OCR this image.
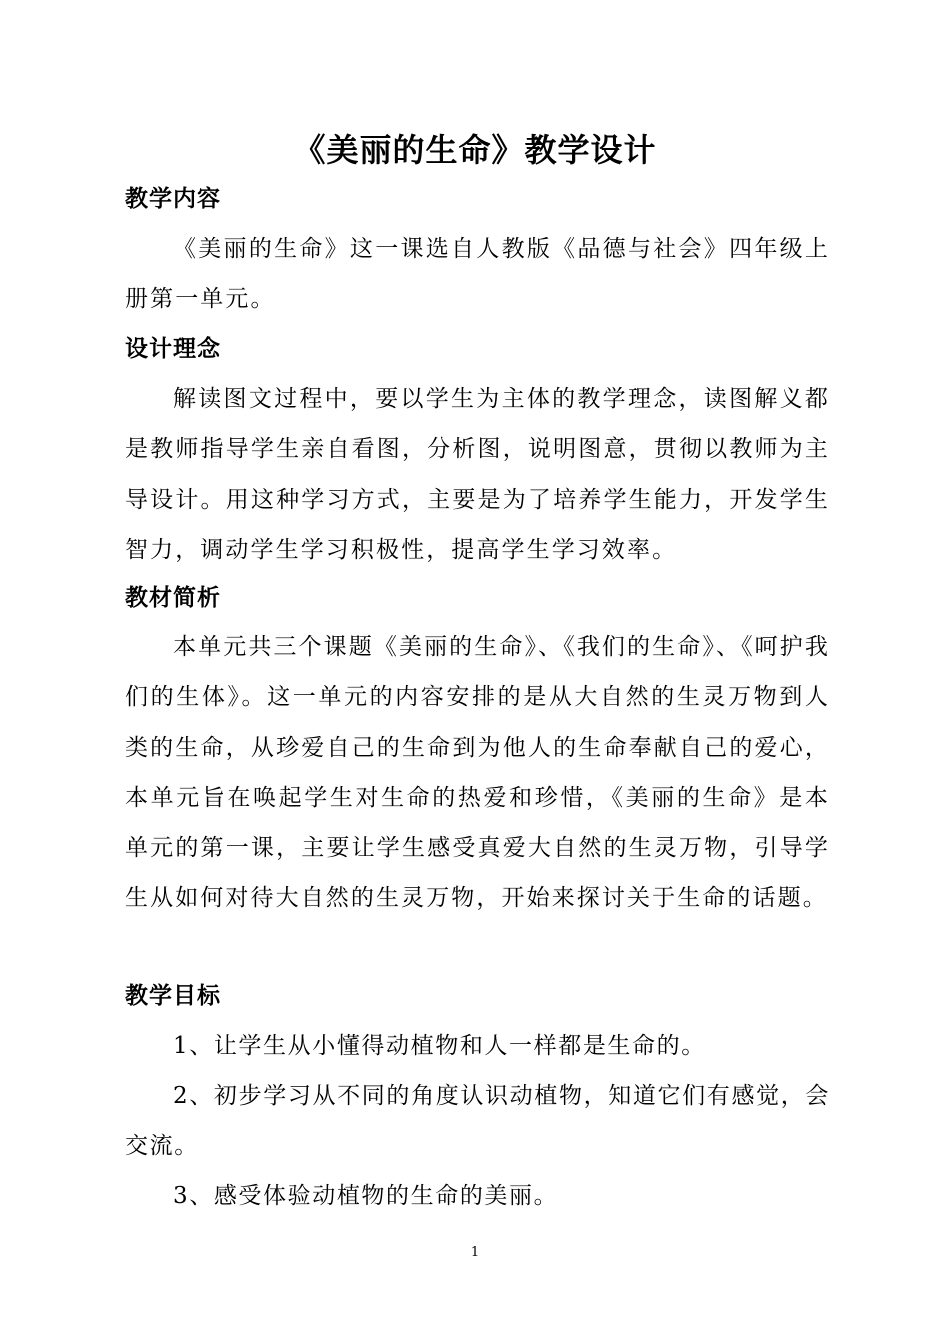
《美丽的生命》教学设计
教学内容
《美丽的生命》这一课选自人教版《品德与社会》四年级上册第一单元。
设计理念
解读图文过程中，要以学生为主体的教学理念，读图解义都是教师指导学生亲自看图，分析图，说明图意，贯彻以教师为主导设计。用这种学习方式，主要是为了培养学生能力，开发学生智力，调动学生学习积极性，提高学生学习效率。
教材简析
本单元共三个课题《美丽的生命》、《我们的生命》、《呵护我们的生体》。这一单元的内容安排的是从大自然的生灵万物到人类的生命，从珍爱自己的生命到为他人的生命奉献自己的爱心，本单元旨在唤起学生对生命的热爱和珍惜，《美丽的生命》是本单元的第一课，主要让学生感受真爱大自然的生灵万物，引导学生从如何对待大自然的生灵万物，开始来探讨关于生命的话题。
教学目标
1、让学生从小懂得动植物和人一样都是生命的。
2、初步学习从不同的角度认识动植物，知道它们有感觉，会交流。
3、感受体验动植物的生命的美丽。
1
